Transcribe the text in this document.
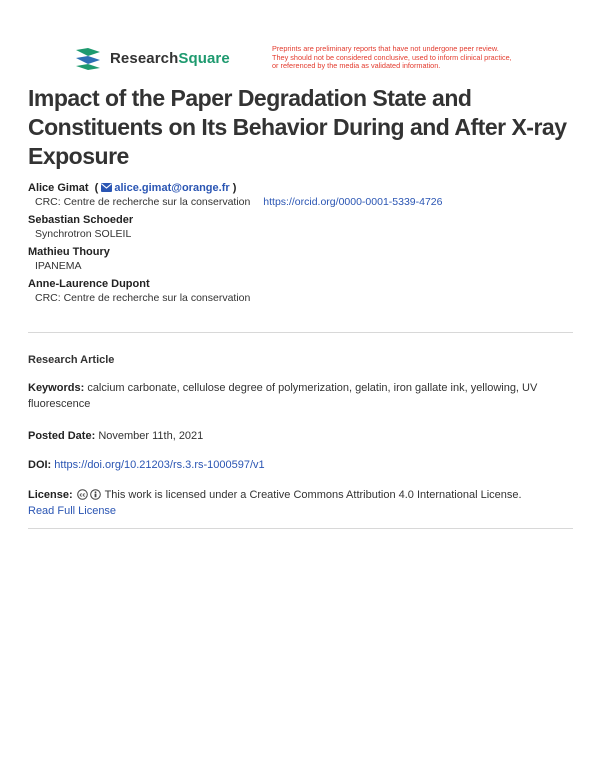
ResearchSquare
Preprints are preliminary reports that have not undergone peer review.
They should not be considered conclusive, used to inform clinical practice,
or referenced by the media as validated information.
Impact of the Paper Degradation State and Constituents on Its Behavior During and After X-ray Exposure
Alice Gimat  ( alice.gimat@orange.fr )
CRC: Centre de recherche sur la conservation https://orcid.org/0000-0001-5339-4726
Sebastian Schoeder
Synchrotron SOLEIL
Mathieu Thoury
IPANEMA
Anne-Laurence Dupont
CRC: Centre de recherche sur la conservation
Research Article
Keywords: calcium carbonate, cellulose degree of polymerization, gelatin, iron gallate ink, yellowing, UV fluorescence
Posted Date: November 11th, 2021
DOI: https://doi.org/10.21203/rs.3.rs-1000597/v1
License: cc This work is licensed under a Creative Commons Attribution 4.0 International License.
Read Full License
